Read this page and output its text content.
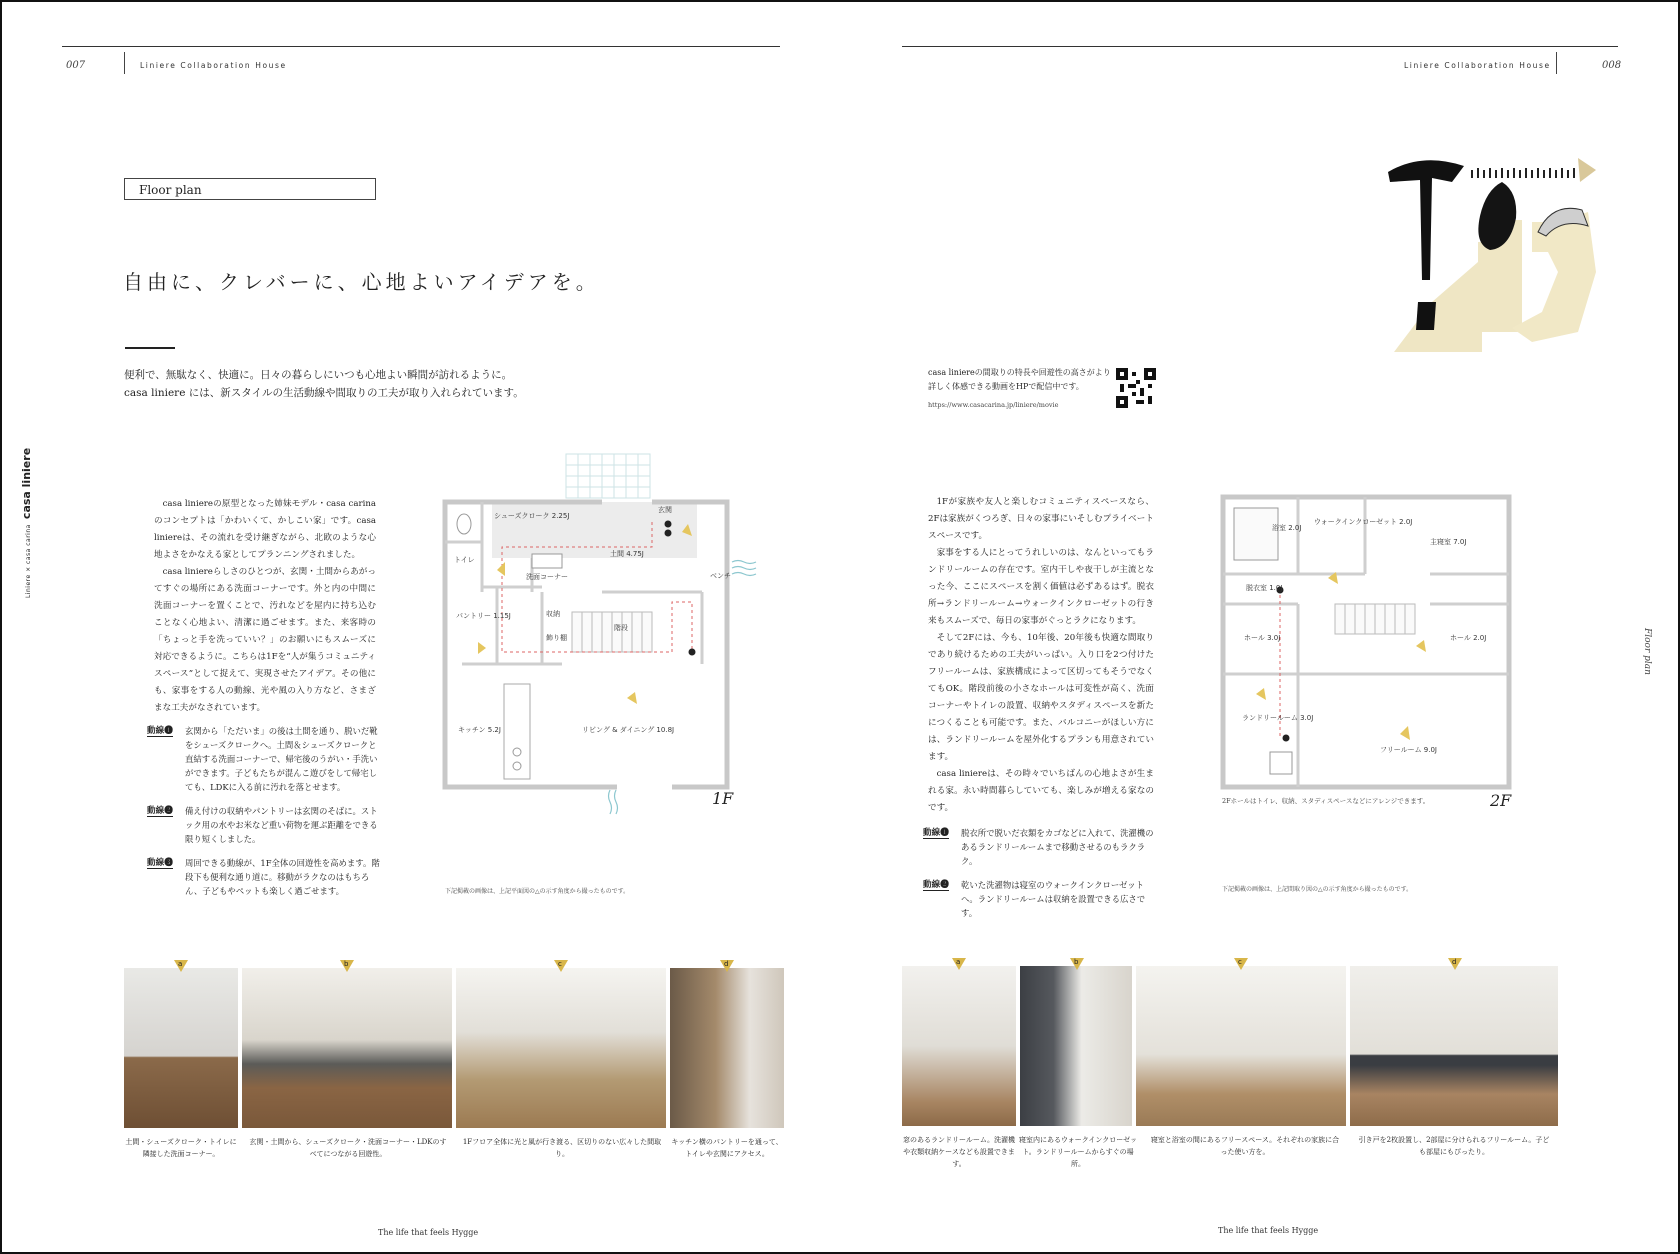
007	Liniere Collaboration House
Floor plan
自由に、クレバーに、心地よいアイデアを。

便利で、無駄なく、快適に。日々の暮らしにいつも心地よい瞬間が訪れるように。

casa liniere には、新スタイルの生活動線や間取りの工夫が取り入れられています。

casa liniereの原型となった姉妹モデル・casa carinaのコンセプトは「かわいくて、かしこい家」です。casa liniereは、その流れを受け継ぎながら、北欧のような心地よさをかなえる家としてプランニングされました。

casa liniereらしさのひとつが、玄関・土間からあがってすぐの場所にある洗面コーナーです。外と内の中間に洗面コーナーを置くことで、汚れなどを屋内に持ち込むことなく心地よい、清潔に過ごせます。また、来客時の「ちょっと手を洗っていい？」のお願いにもスムーズに対応できるように。こちらは1Fを“人が集うコミュニティスペース”として捉えて、実現させたアイデア。その他にも、家事をする人の動線、光や風の入り方など、さまざまな工夫がなされています。

動線❶	玄関から「ただいま」の後は土間を通り、脱いだ靴をシューズクロークへ。土間＆シューズクロークと直結する洗面コーナーで、帰宅後のうがい・手洗いができます。子どもたちが混んこ遊びをして帰宅しても、LDKに入る前に汚れを落とせます。
動線❷	備え付けの収納やパントリーは玄関のそばに。ストック用の水やお米など重い荷物を運ぶ距離をできる限り短くしました。
動線❸	周回できる動線が、1F全体の回遊性を高めます。階段下も便利な通り道に。移動がラクなのはもちろん、子どもやペットも楽しく過ごせます。
シューズクローク 2.25J
玄関
土間 4.75J
トイレ
洗面コーナー
収納
パントリー 1.15J
飾り棚
階段
ベンチ
キッチン 5.2J	リビング & ダイニング 10.8J
1F
下記掲載の画像は、上記平面図の△の示す角度から撮ったものです。
a	b	c	d
土間・シューズクローク・トイレに隣接した洗面コーナー。
玄関・土間から、シューズクローク・洗面コーナー・LDKのすべてにつながる回遊性。
1Fフロア全体に光と風が行き渡る、区切りのない広々した間取り。
キッチン横のパントリーを通って、トイレや玄関にアクセス。
The life that feels Hygge
Liniere × casa carina casa liniere
Liniere Collaboration House	008
casa liniereの間取りの特長や回遊性の高さがより詳しく体感できる動画をHPで配信中です。
https://www.casacarina.jp/liniere/movie

1Fが家族や友人と楽しむコミュニティスペースなら、2Fは家族がくつろぎ、日々の家事にいそしむプライベートスペースです。

家事をする人にとってうれしいのは、なんといってもランドリールームの存在です。室内干しや夜干しが主流となった今、ここにスペースを割く価値は必ずあるはず。脱衣所→ランドリールーム→ウォークインクローゼットの行き来もスムーズで、毎日の家事がぐっとラクになります。

そして2Fには、今も、10年後、20年後も快適な間取りであり続けるための工夫がいっぱい。入り口を2つ付けたフリールームは、家族構成によって区切ってもそうでなくてもOK。階段前後の小さなホールは可変性が高く、洗面コーナーやトイレの設置、収納やスタディスペースを新たにつくることも可能です。また、バルコニーがほしい方には、ランドリールームを屋外化するプランも用意されています。

casa liniereは、その時々でいちばんの心地よさが生まれる家。永い時間暮らしていても、楽しみが増える家なのです。

動線❶	脱衣所で脱いだ衣類をカゴなどに入れて、洗濯機のあるランドリールームまで移動させるのもラクラク。
動線❷	乾いた洗濯物は寝室のウォークインクローゼットへ。ランドリールームは収納を設置できる広さです。
浴室 2.0J
ウォークインクローゼット 2.0J
主寝室 7.0J
脱衣室 1.0J
ホール 3.0J	ホール 2.0J
ランドリールーム 3.0J
フリールーム 9.0J
2F
2Fホールはトイレ、収納、スタディスペースなどにアレンジできます。
下記掲載の画像は、上記間取り図の△の示す角度から撮ったものです。
a	b	c	d
窓のあるランドリールーム。洗濯機や衣類収納ケースなども設置できます。
寝室内にあるウォークインクローゼット。ランドリールームからすぐの場所。
寝室と浴室の間にあるフリースペース。それぞれの家族に合った使い方を。
引き戸を2枚設置し、2部屋に分けられるフリールーム。子ども部屋にもぴったり。
The life that feels Hygge
Floor plan
